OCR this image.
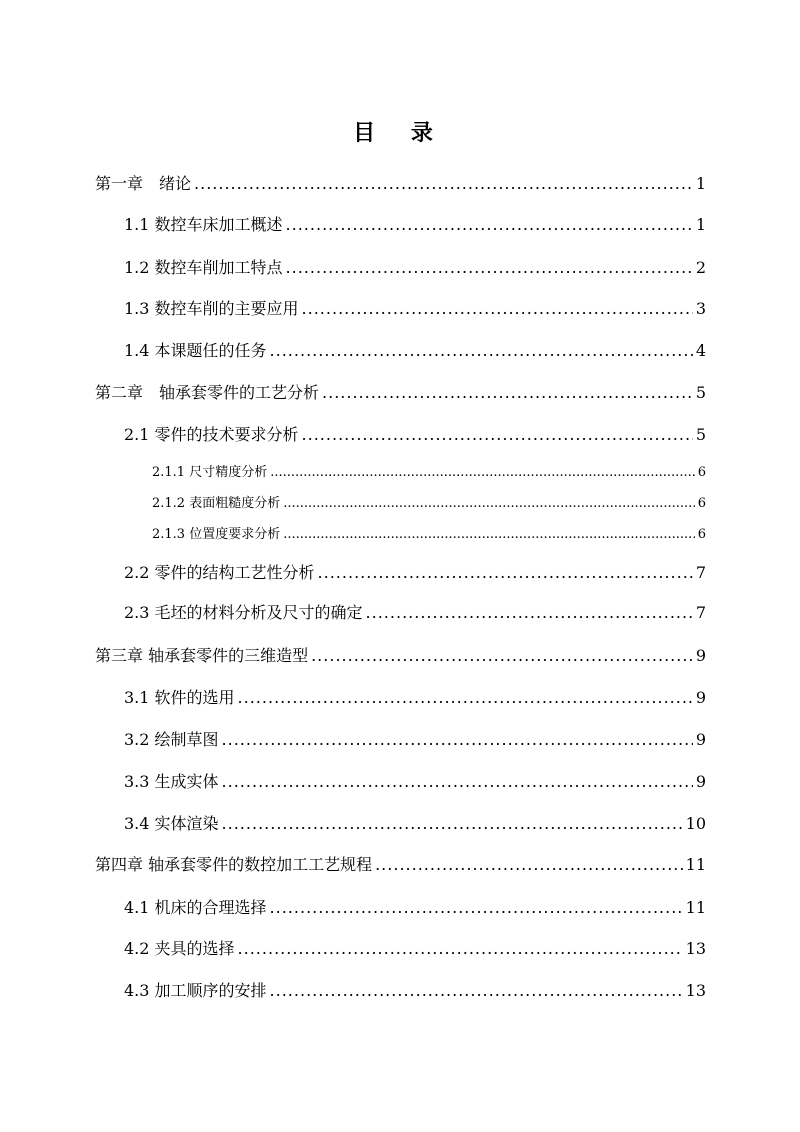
目 录
第一章　绪论 .....	1
1.1 数控车床加工概述 .....	1
1.2 数控车削加工特点 .....	2
1.3 数控车削的主要应用 .....	3
1.4 本课题任的任务 .....	4
第二章　轴承套零件的工艺分析 .....	5
2.1 零件的技术要求分析 .....	5
2.1.1 尺寸精度分析 .....	6
2.1.2 表面粗糙度分析 .....	6
2.1.3 位置度要求分析 .....	6
2.2 零件的结构工艺性分析 .....	7
2.3 毛坯的材料分析及尺寸的确定 .....	7
第三章 轴承套零件的三维造型 .....	9
3.1 软件的选用 .....	9
3.2 绘制草图 .....	9
3.3 生成实体 .....	9
3.4 实体渲染 .....	10
第四章 轴承套零件的数控加工工艺规程 .....	11
4.1 机床的合理选择 .....	11
4.2 夹具的选择 .....	13
4.3 加工顺序的安排 .....	13
